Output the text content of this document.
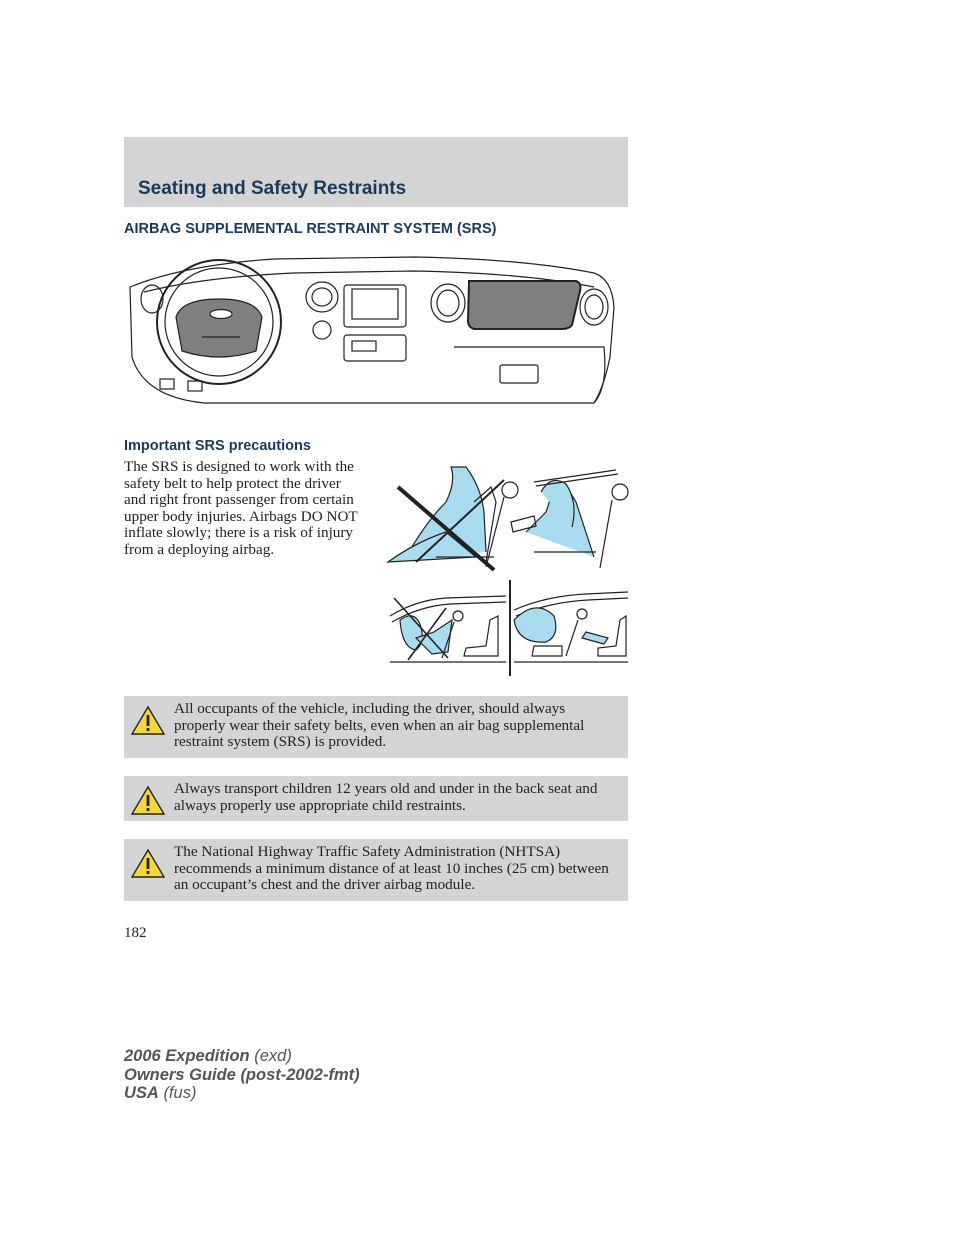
Seating and Safety Restraints
AIRBAG SUPPLEMENTAL RESTRAINT SYSTEM (SRS)
Important SRS precautions

The SRS is designed to work with the safety belt to help protect the driver and right front passenger from certain upper body injuries. Airbags DO NOT inflate slowly; there is a risk of injury from a deploying airbag.

All occupants of the vehicle, including the driver, should always properly wear their safety belts, even when an air bag supplemental restraint system (SRS) is provided.

Always transport children 12 years old and under in the back seat and always properly use appropriate child restraints.

The National Highway Traffic Safety Administration (NHTSA) recommends a minimum distance of at least 10 inches (25 cm) between an occupant’s chest and the driver airbag module.

182

2006 Expedition (exd)
Owners Guide (post-2002-fmt)
USA (fus)
